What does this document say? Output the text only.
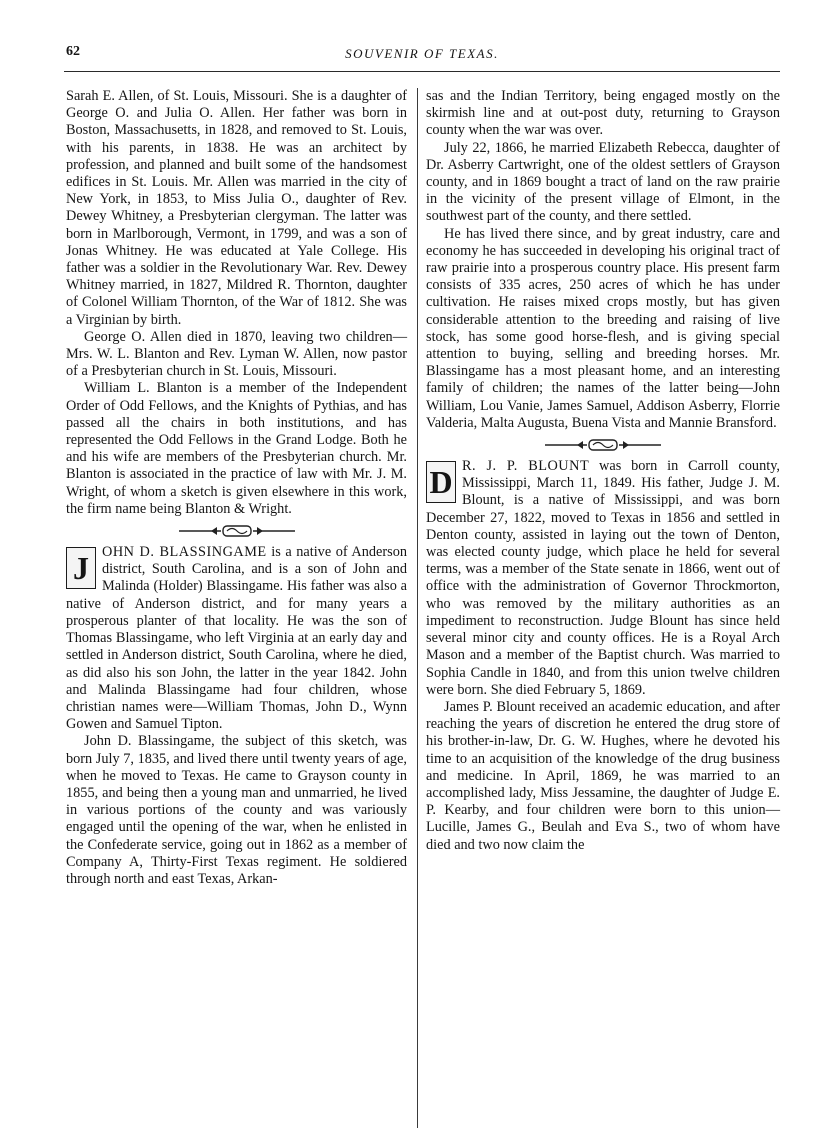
62	SOUVENIR OF TEXAS.

Sarah E. Allen, of St. Louis, Missouri. She is a daughter of George O. and Julia O. Allen. Her father was born in Boston, Massachusetts, in 1828, and removed to St. Louis, with his parents, in 1838. He was an architect by profession, and planned and built some of the handsomest edifices in St. Louis. Mr. Allen was married in the city of New York, in 1853, to Miss Julia O., daughter of Rev. Dewey Whitney, a Presbyterian clergyman. The latter was born in Marlborough, Vermont, in 1799, and was a son of Jonas Whitney. He was educated at Yale College. His father was a soldier in the Revolutionary War. Rev. Dewey Whitney married, in 1827, Mildred R. Thornton, daughter of Colonel William Thornton, of the War of 1812. She was a Virginian by birth.

George O. Allen died in 1870, leaving two children—Mrs. W. L. Blanton and Rev. Lyman W. Allen, now pastor of a Presbyterian church in St. Louis, Missouri.

William L. Blanton is a member of the Independent Order of Odd Fellows, and the Knights of Pythias, and has passed all the chairs in both institutions, and has represented the Odd Fellows in the Grand Lodge. Both he and his wife are members of the Presbyterian church. Mr. Blanton is associated in the practice of law with Mr. J. M. Wright, of whom a sketch is given elsewhere in this work, the firm name being Blanton & Wright.

J OHN D. BLASSINGAME is a native of Anderson district, South Carolina, and is a son of John and Malinda (Holder) Blassingame. His father was also a native of Anderson district, and for many years a prosperous planter of that locality. He was the son of Thomas Blassingame, who left Virginia at an early day and settled in Anderson district, South Carolina, where he died, as did also his son John, the latter in the year 1842. John and Malinda Blassingame had four children, whose christian names were—William Thomas, John D., Wynn Gowen and Samuel Tipton.

John D. Blassingame, the subject of this sketch, was born July 7, 1835, and lived there until twenty years of age, when he moved to Texas. He came to Grayson county in 1855, and being then a young man and unmarried, he lived in various portions of the county and was variously engaged until the opening of the war, when he enlisted in the Confederate service, going out in 1862 as a member of Company A, Thirty-First Texas regiment. He soldiered through north and east Texas, Arkan-

sas and the Indian Territory, being engaged mostly on the skirmish line and at out-post duty, returning to Grayson county when the war was over.

July 22, 1866, he married Elizabeth Rebecca, daughter of Dr. Asberry Cartwright, one of the oldest settlers of Grayson county, and in 1869 bought a tract of land on the raw prairie in the vicinity of the present village of Elmont, in the southwest part of the county, and there settled.

He has lived there since, and by great industry, care and economy he has succeeded in developing his original tract of raw prairie into a prosperous country place. His present farm consists of 335 acres, 250 acres of which he has under cultivation. He raises mixed crops mostly, but has given considerable attention to the breeding and raising of live stock, has some good horse-flesh, and is giving special attention to buying, selling and breeding horses. Mr. Blassingame has a most pleasant home, and an interesting family of children; the names of the latter being—John William, Lou Vanie, James Samuel, Addison Asberry, Florrie Valderia, Malta Augusta, Buena Vista and Mannie Bransford.

D R. J. P. BLOUNT was born in Carroll county, Mississippi, March 11, 1849. His father, Judge J. M. Blount, is a native of Mississippi, and was born December 27, 1822, moved to Texas in 1856 and settled in Denton county, assisted in laying out the town of Denton, was elected county judge, which place he held for several terms, was a member of the State senate in 1866, went out of office with the administration of Governor Throckmorton, who was removed by the military authorities as an impediment to reconstruction. Judge Blount has since held several minor city and county offices. He is a Royal Arch Mason and a member of the Baptist church. Was married to Sophia Candle in 1840, and from this union twelve children were born. She died February 5, 1869.

James P. Blount received an academic education, and after reaching the years of discretion he entered the drug store of his brother-in-law, Dr. G. W. Hughes, where he devoted his time to an acquisition of the knowledge of the drug business and medicine. In April, 1869, he was married to an accomplished lady, Miss Jessamine, the daughter of Judge E. P. Kearby, and four children were born to this union—Lucille, James G., Beulah and Eva S., two of whom have died and two now claim the
